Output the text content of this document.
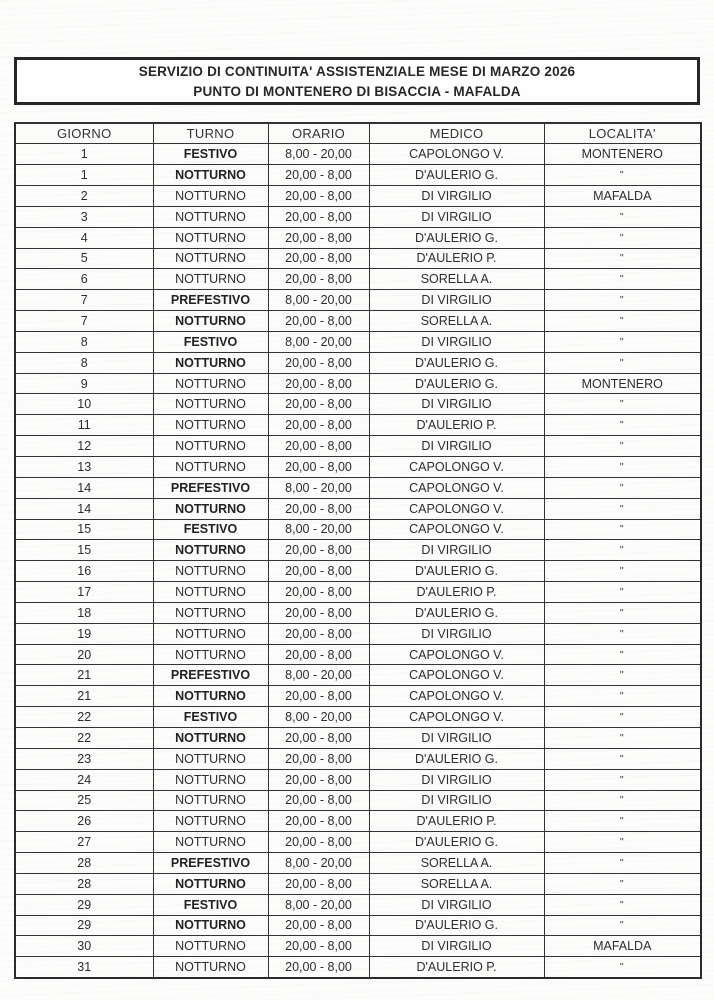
SERVIZIO DI CONTINUITA' ASSISTENZIALE MESE DI MARZO 2026
PUNTO DI MONTENERO DI BISACCIA - MAFALDA
GIORNO	TURNO	ORARIO	MEDICO	LOCALITA'
1	FESTIVO	8,00 - 20,00	CAPOLONGO V.	MONTENERO
1	NOTTURNO	20,00 - 8,00	D'AULERIO G.	"
2	NOTTURNO	20,00 - 8,00	DI VIRGILIO	MAFALDA
3	NOTTURNO	20,00 - 8,00	DI VIRGILIO	"
4	NOTTURNO	20,00 - 8,00	D'AULERIO G.	"
5	NOTTURNO	20,00 - 8,00	D'AULERIO P.	"
6	NOTTURNO	20,00 - 8,00	SORELLA A.	"
7	PREFESTIVO	8,00 - 20,00	DI VIRGILIO	"
7	NOTTURNO	20,00 - 8,00	SORELLA A.	"
8	FESTIVO	8,00 - 20,00	DI VIRGILIO	"
8	NOTTURNO	20,00 - 8,00	D'AULERIO G.	"
9	NOTTURNO	20,00 - 8,00	D'AULERIO G.	MONTENERO
10	NOTTURNO	20,00 - 8,00	DI VIRGILIO	"
11	NOTTURNO	20,00 - 8,00	D'AULERIO P.	"
12	NOTTURNO	20,00 - 8,00	DI VIRGILIO	"
13	NOTTURNO	20,00 - 8,00	CAPOLONGO V.	"
14	PREFESTIVO	8,00 - 20,00	CAPOLONGO V.	"
14	NOTTURNO	20,00 - 8,00	CAPOLONGO V.	"
15	FESTIVO	8,00 - 20,00	CAPOLONGO V.	"
15	NOTTURNO	20,00 - 8,00	DI VIRGILIO	"
16	NOTTURNO	20,00 - 8,00	D'AULERIO G.	"
17	NOTTURNO	20,00 - 8,00	D'AULERIO P.	"
18	NOTTURNO	20,00 - 8,00	D'AULERIO G.	"
19	NOTTURNO	20,00 - 8,00	DI VIRGILIO	"
20	NOTTURNO	20,00 - 8,00	CAPOLONGO V.	"
21	PREFESTIVO	8,00 - 20,00	CAPOLONGO V.	"
21	NOTTURNO	20,00 - 8,00	CAPOLONGO V.	"
22	FESTIVO	8,00 - 20,00	CAPOLONGO V.	"
22	NOTTURNO	20,00 - 8,00	DI VIRGILIO	"
23	NOTTURNO	20,00 - 8,00	D'AULERIO G.	"
24	NOTTURNO	20,00 - 8,00	DI VIRGILIO	"
25	NOTTURNO	20,00 - 8,00	DI VIRGILIO	"
26	NOTTURNO	20,00 - 8,00	D'AULERIO P.	"
27	NOTTURNO	20,00 - 8,00	D'AULERIO G.	"
28	PREFESTIVO	8,00 - 20,00	SORELLA A.	"
28	NOTTURNO	20,00 - 8,00	SORELLA A.	"
29	FESTIVO	8,00 - 20,00	DI VIRGILIO	"
29	NOTTURNO	20,00 - 8,00	D'AULERIO G.	"
30	NOTTURNO	20,00 - 8,00	DI VIRGILIO	MAFALDA
31	NOTTURNO	20,00 - 8,00	D'AULERIO P.	"
